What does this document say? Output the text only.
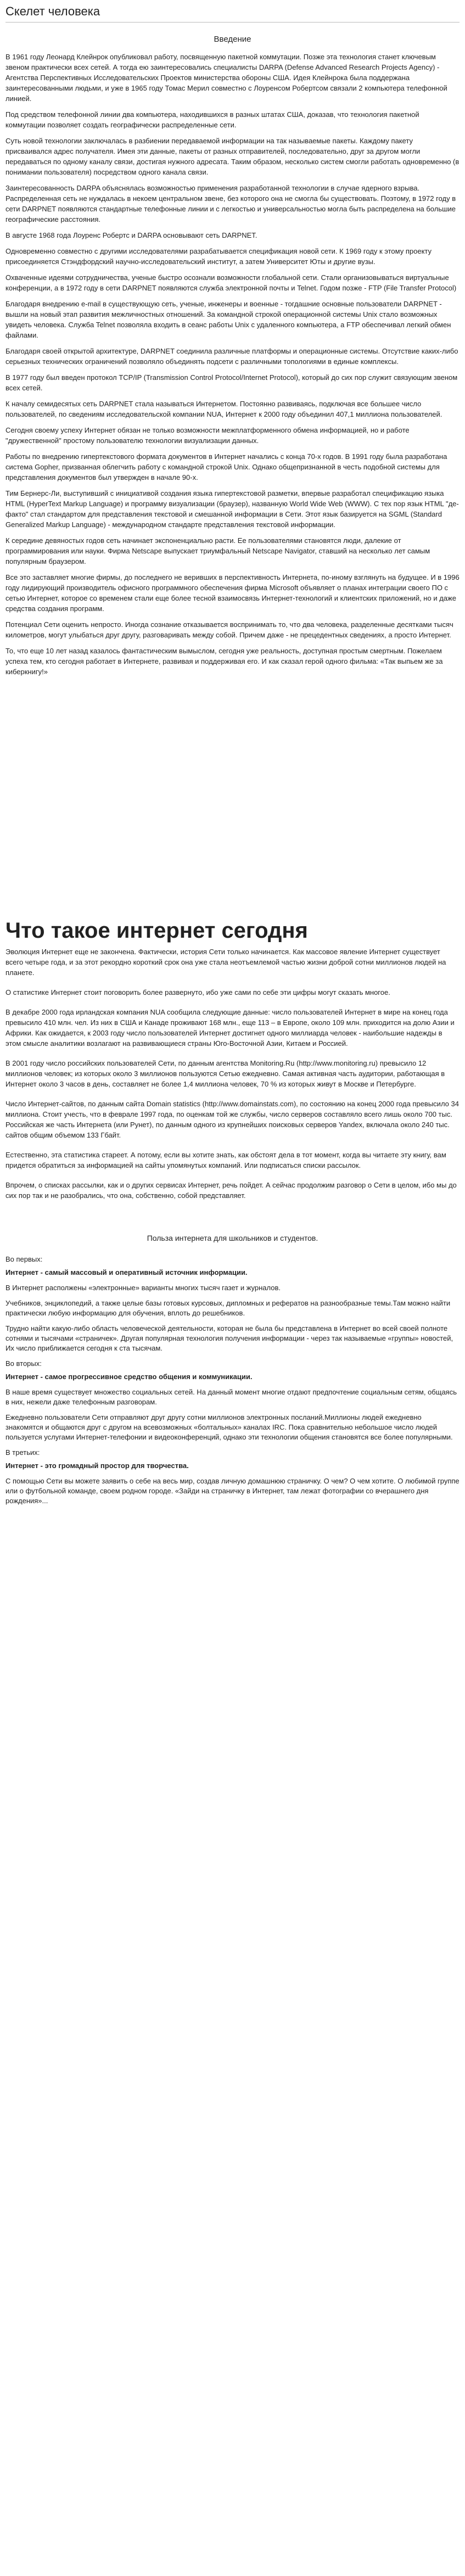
Скелет человека
Введение

В 1961 году Леонард Клейнрок опубликовал работу, посвященную пакетной коммутации. Позже эта технология станет ключевым звеном практически всех сетей. А тогда ею заинтересовались специалисты DARPA (Defense Advanced Research Projects Agency) - Агентства Перспективных Исследовательских Проектов министерства обороны США. Идея Клейнрока была поддержана заинтересованными людьми, и уже в 1965 году Томас Мерил совместно с Лоуренсом Робертсом связали 2 компьютера телефонной линией.

Под средством телефонной линии два компьютера, находившихся в разных штатах США, доказав, что технология пакетной коммутации позволяет создать географически распределенные сети.

Суть новой технологии заключалась в разбиении передаваемой информации на так называемые пакеты. Каждому пакету присваивался адрес получателя. Имея эти данные, пакеты от разных отправителей, последовательно, друг за другом могли передаваться по одному каналу связи, достигая нужного адресата. Таким образом, несколько систем смогли работать одновременно (в понимании пользователя) посредством одного канала связи.

Заинтересованность DARPA объяснялась возможностью применения разработанной технологии в случае ядерного взрыва. Распределенная сеть не нуждалась в некоем центральном звене, без которого она не смогла бы существовать. Поэтому, в 1972 году в сети DARPNET появляются стандартные телефонные линии и с легкостью и универсальностью могла быть распределена на большие географические расстояния.

В августе 1968 года Лоуренс Робертс и DARPA основывают сеть DARPNET.

Одновременно совместно с другими исследователями разрабатывается спецификация новой сети. К 1969 году к этому проекту присоединяется Стэндфордский научно-исследовательский институт, а затем Университет Юты и другие вузы.

Охваченные идеями сотрудничества, ученые быстро осознали возможности глобальной сети. Стали организовываться виртуальные конференции, а в 1972 году в сети DARPNET появляются служба электронной почты и Telnet. Годом позже - FTP (File Transfer Protocol)

Благодаря внедрению e-mail в существующую сеть, ученые, инженеры и военные - тогдашние основные пользователи DARPNET - вышли на новый этап развития межличностных отношений. За командной строкой операционной системы Unix стало возможных увидеть человека. Служба Telnet позволяла входить в сеанс работы Unix с удаленного компьютера, а FTP обеспечивал легкий обмен файлами.

Благодаря своей открытой архитектуре, DARPNET соединила различные платформы и операционные системы. Отсутствие каких-либо серьезных технических ограничений позволяло объединять подсети с различными топологиями в единые комплексы.

В 1977 году был введен протокол TCP/IP (Transmission Control Protocol/Internet Protocol), который до сих пор служит связующим звеном всех сетей.

К началу семидесятых сеть DARPNET стала называться Интернетом. Постоянно развиваясь, подключая все большее число пользователей, по сведениям исследовательской компании NUA, Интернет к 2000 году объединил 407,1 миллиона пользователей.

Сегодня своему успеху Интернет обязан не только возможности межплатформенного обмена информацией, но и работе "дружественной" простому пользователю технологии визуализации данных.

Работы по внедрению гипертекстового формата документов в Интернет начались с конца 70-х годов. В 1991 году была разработана система Gopher, призванная облегчить работу с командной строкой Unix. Однако общепризнанной в честь подобной системы для представления документов был утвержден в начале 90-х.

Тим Бернерс-Ли, выступивший с инициативой создания языка гипертекстовой разметки, впервые разработал спецификацию языка HTML (HyperText Markup Language) и программу визуализации (браузер), названную World Wide Web (WWW). С тех пор язык HTML "де-факто" стал стандартом для представления текстовой и смешанной информации в Сети. Этот язык базируется на SGML (Standard Generalized Markup Language) - международном стандарте представления текстовой информации.

К середине девяностых годов сеть начинает экспоненциально расти. Ее пользователями становятся люди, далекие от программирования или науки. Фирма Netscape выпускает триумфальный Netscape Navigator, ставший на несколько лет самым популярным браузером.

Все это заставляет многие фирмы, до последнего не веривших в перспективность Интернета, по-иному взглянуть на будущее. И в 1996 году лидирующий производитель офисного программного обеспечения фирма Microsoft объявляет о планах интеграции своего ПО с сетью Интернет, которое со временем стали еще более тесной взаимосвязь Интернет-технологий и клиентских приложений, но и даже средства создания программ.

Потенциал Сети оценить непросто. Иногда сознание отказывается воспринимать то, что два человека, разделенные десятками тысяч километров, могут улыбаться друг другу, разговаривать между собой. Причем даже - не прецедентных сведениях, а просто Интернет.

То, что еще 10 лет назад казалось фантастическим вымыслом, сегодня уже реальность, доступная простым смертным. Пожелаем успеха тем, кто сегодня работает в Интернете, развивая и поддерживая его. И как сказал герой одного фильма: «Так выпьем же за киберкнигу!»

Что такое интернет сегодня

Эволюция Интернет еще не закончена. Фактически, история Сети только начинается. Как массовое явление Интернет существует всего четыре года, и за этот рекордно короткий срок она уже стала неотъемлемой частью жизни доброй сотни миллионов людей на планете.

О статистике Интернет стоит поговорить более развернуто, ибо уже сами по себе эти цифры могут сказать многое.

В декабре 2000 года ирландская компания NUA сообщила следующие данные: число пользователей Интернет в мире на конец года превысило 410 млн. чел. Из них в США и Канаде проживают 168 млн., еще 113 – в Европе, около 109 млн. приходится на долю Азии и Африки. Как ожидается, к 2003 году число пользователей Интернет достигнет одного миллиарда человек - наибольшие надежды в этом смысле аналитики возлагают на развивающиеся страны Юго-Восточной Азии, Китаем и Россией.

В 2001 году число российских пользователей Сети, по данным агентства Monitoring.Ru (http://www.monitoring.ru) превысило 12 миллионов человек; из которых около 3 миллионов пользуются Сетью ежедневно. Самая активная часть аудитории, работающая в Интернет около 3 часов в день, составляет не более 1,4 миллиона человек, 70 % из которых живут в Москве и Петербурге.

Число Интернет-сайтов, по данным сайта Domain statistics (http://www.domainstats.com), по состоянию на конец 2000 года превысило 34 миллиона. Стоит учесть, что в феврале 1997 года, по оценкам той же службы, число серверов составляло всего лишь около 700 тыс. Российская же часть Интернета (или Рунет), по данным одного из крупнейших поисковых серверов Yandex, включала около 240 тыс. сайтов общим объемом 133 Гбайт.

Естественно, эта статистика стареет. А потому, если вы хотите знать, как обстоят дела в тот момент, когда вы читаете эту книгу, вам придется обратиться за информацией на сайты упомянутых компаний. Или подписаться списки рассылок.

Впрочем, о списках рассылки, как и о других сервисах Интернет, речь пойдет. А сейчас продолжим разговор о Сети в целом, ибо мы до сих пор так и не разобрались, что она, собственно, собой представляет.

Польза интернета для школьников и студентов.

Во первых:

Интернет - самый массовый и оперативный источник информации.

В Интернет располжены «электронные» варианты многих тысяч газет и журналов.

Учебников, энциклопедий, а также целые базы готовых курсовых, дипломных и рефератов на разнообразные темы.Там можно найти практически любую информацию для обучения, вплоть до решебников.

Трудно найти какую-либо область человеческой деятельности, которая не была бы представлена в Интернет во всей своей полноте сотнями и тысячами «страничек». Другая популярная технология получения информации - через так называемые «группы» новостей, Их число приближается сегодня к ста тысячам.

Во вторых:

Интернет - самое прогрессивное средство общения и коммуникации.

В наше время существует множество социальных сетей. На данный момент многие отдают предпочтение социальным сетям, общаясь в них, нежели даже телефонным разговорам.

Ежедневно пользователи Сети отправляют друг другу сотни миллионов электронных посланий.Миллионы людей ежедневно знакомятся и общаются друг с другом на всевозможных «болтальных» каналах IRC. Пока сравнительно небольшое число людей пользуется услугами Интернет-телефонии и видеоконференций, однако эти технологии общения становятся все более популярными.

В третьих:

Интернет - это громадный простор для творчества.

С помощью Сети вы можете заявить о себе на весь мир, создав личную домашнюю страничку. О чем? О чем хотите. О любимой группе или о футбольной команде, своем родном городе. «Зайди на страничку в Интернет, там лежат фотографии со вчерашнего дня рождения»...
